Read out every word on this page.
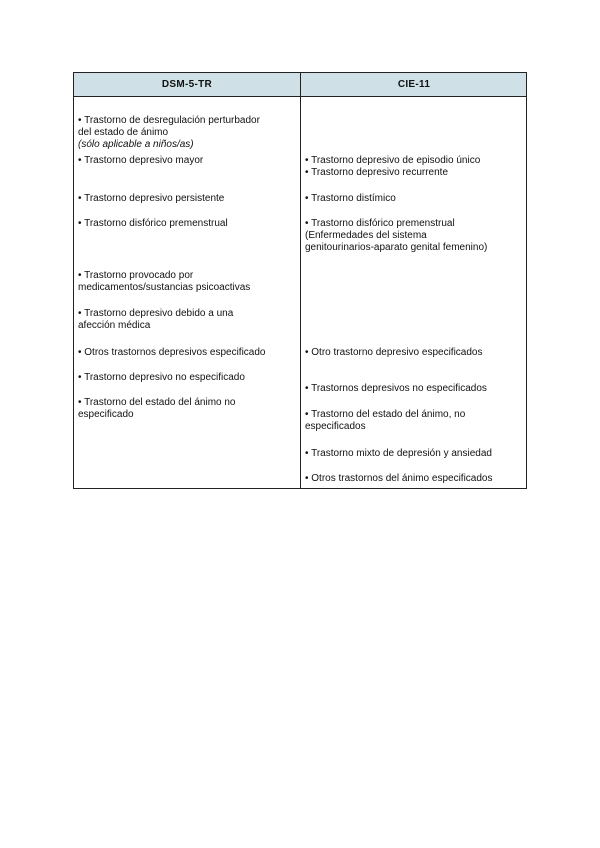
DSM-5-TR	CIE-11

• Trastorno de desregulación perturbador
del estado de ánimo

(sólo aplicable a niños/as)

• Trastorno depresivo mayor
• Trastorno depresivo persistente
• Trastorno disfórico premenstrual
• Trastorno provocado por
medicamentos/sustancias psicoactivas
• Trastorno depresivo debido a una
afección médica
• Otros trastornos depresivos especificado
• Trastorno depresivo no especificado
• Trastorno del estado del ánimo no
especificado
• Trastorno depresivo de episodio único
• Trastorno depresivo recurrente
• Trastorno distímico
• Trastorno disfórico premenstrual
(Enfermedades del sistema
genitourinarios-aparato genital femenino)
• Otro trastorno depresivo especificados
• Trastornos depresivos no especificados
• Trastorno del estado del ánimo, no
especificados
• Trastorno mixto de depresión y ansiedad
• Otros trastornos del ánimo especificados
